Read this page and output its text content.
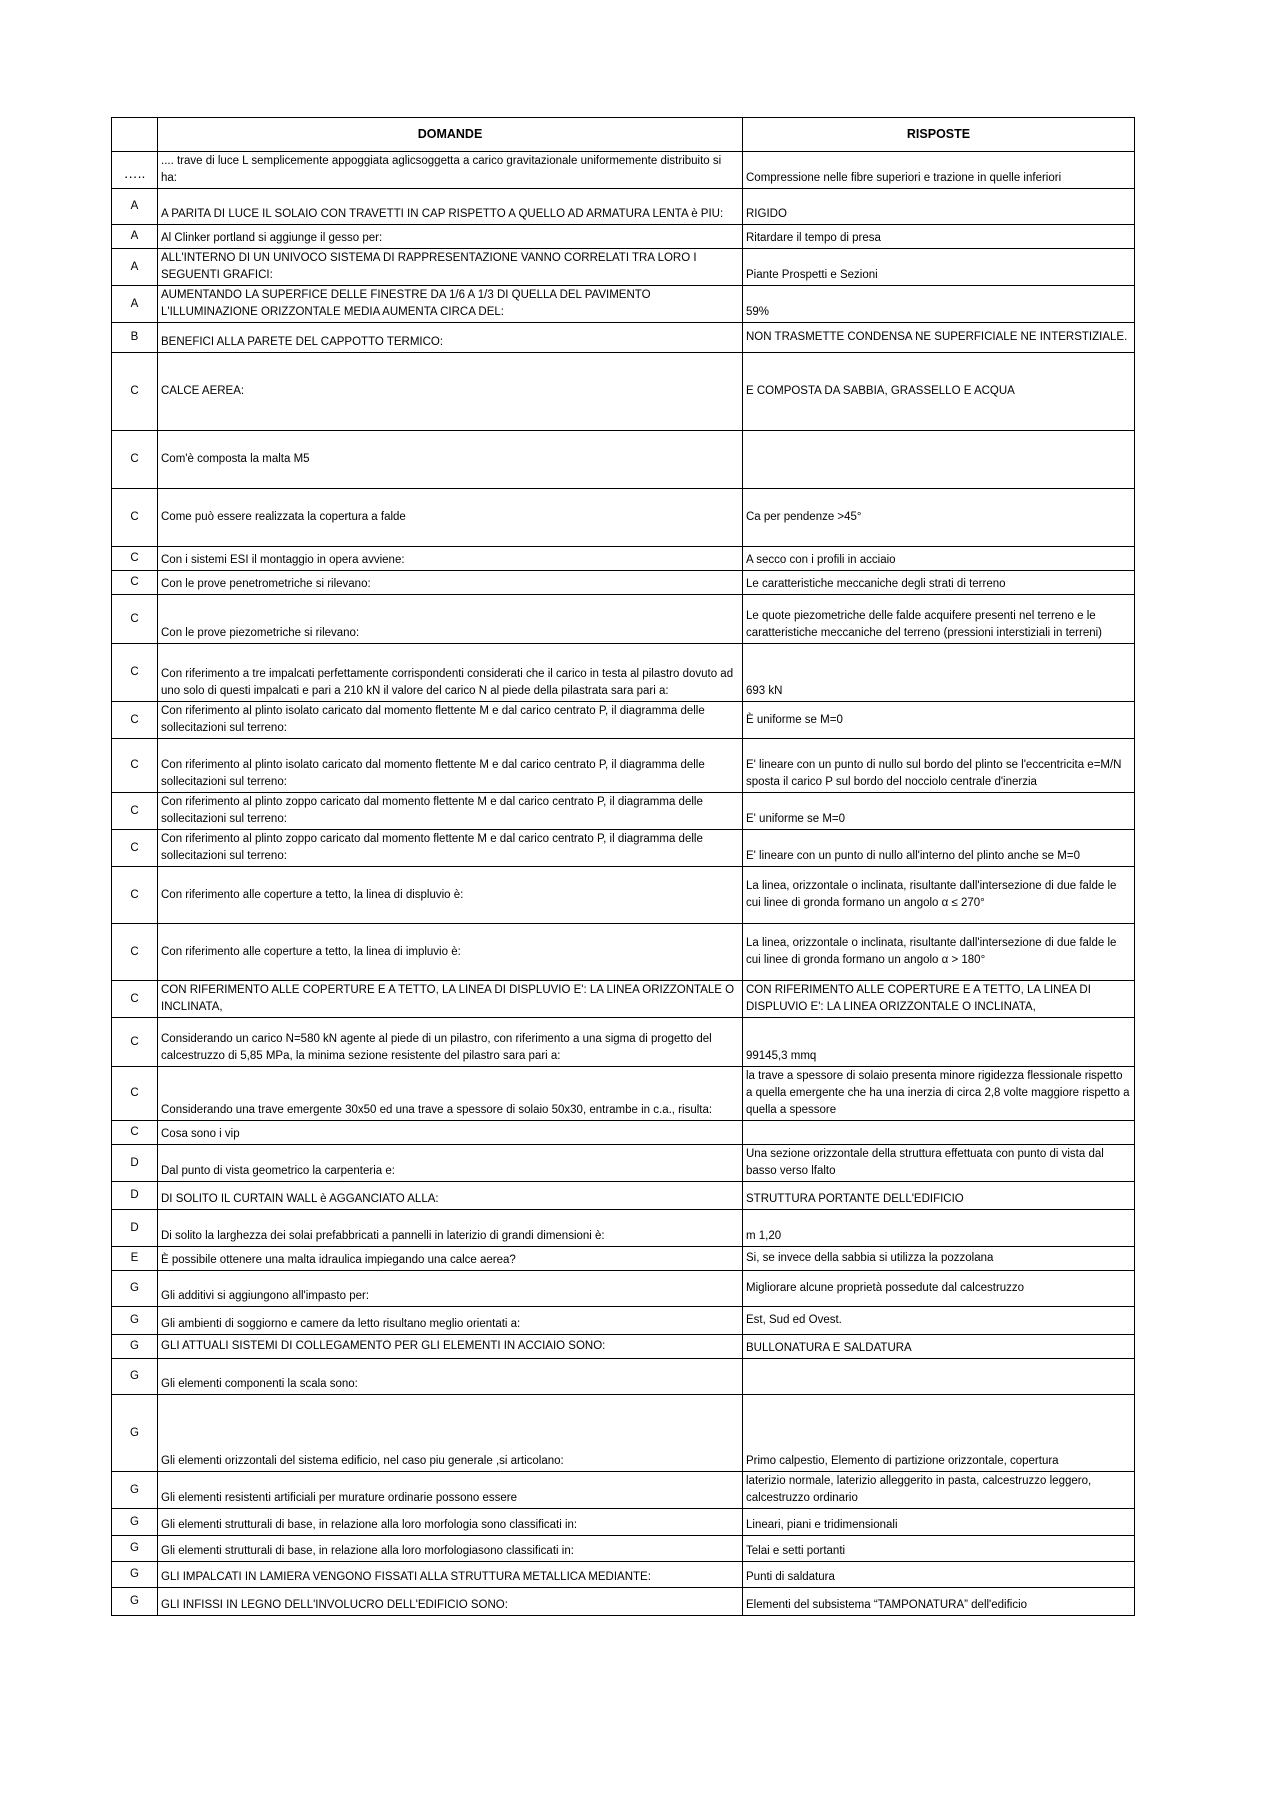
	DOMANDE	RISPOSTE
…..	.... trave di luce L semplicemente appoggiata aglicsoggetta a carico gravitazionale uniformemente distribuito si ha:	Compressione nelle fibre superiori e trazione in quelle inferiori
A	A PARITA DI LUCE IL SOLAIO CON TRAVETTI IN CAP RISPETTO A QUELLO AD ARMATURA LENTA è PIU:	RIGIDO
A	Al Clinker portland si aggiunge il gesso per:	Ritardare il tempo di presa
A	ALL'INTERNO DI UN UNIVOCO SISTEMA DI RAPPRESENTAZIONE VANNO CORRELATI TRA LORO I SEGUENTI GRAFICI:	Piante Prospetti e Sezioni
A	AUMENTANDO LA SUPERFICE DELLE FINESTRE DA 1/6 A 1/3 DI QUELLA DEL PAVIMENTO L'ILLUMINAZIONE ORIZZONTALE MEDIA AUMENTA CIRCA DEL:	59%
B	BENEFICI ALLA PARETE DEL CAPPOTTO TERMICO:	NON TRASMETTE CONDENSA NE SUPERFICIALE NE INTERSTIZIALE.
C	CALCE AEREA:	E COMPOSTA DA SABBIA, GRASSELLO E ACQUA
C	Com'è composta la malta M5	
C	Come può essere realizzata la copertura a falde	Ca per pendenze >45°
C	Con i sistemi ESI il montaggio in opera avviene:	A secco con i profili in acciaio
C	Con le prove penetrometriche si rilevano:	Le caratteristiche meccaniche degli strati di terreno
C	Con le prove piezometriche si rilevano:	Le quote piezometriche delle falde acquifere presenti nel terreno e le caratteristiche meccaniche del terreno (pressioni interstiziali in terreni)
C	Con riferimento a tre impalcati perfettamente corrispondenti considerati che il carico in testa al pilastro dovuto ad uno solo di questi impalcati e pari a 210 kN il valore del carico N al piede della pilastrata sara pari a:	693 kN
C	Con riferimento al plinto isolato caricato dal momento flettente M e dal carico centrato P, il diagramma delle sollecitazioni sul terreno:	È uniforme se M=0
C	Con riferimento al plinto isolato caricato dal momento flettente M e dal carico centrato P, il diagramma delle sollecitazioni sul terreno:	E' lineare con un punto di nullo sul bordo del plinto se l'eccentricita e=M/N sposta il carico P sul bordo del nocciolo centrale d'inerzia
C	Con riferimento al plinto zoppo caricato dal momento flettente M e dal carico centrato P, il diagramma delle sollecitazioni sul terreno:	E' uniforme se M=0
C	Con riferimento al plinto zoppo caricato dal momento flettente M e dal carico centrato P, il diagramma delle sollecitazioni sul terreno:	E' lineare con un punto di nullo all'interno del plinto anche se M=0
C	Con riferimento alle coperture a tetto, la linea di displuvio è:	La linea, orizzontale o inclinata, risultante dall'intersezione di due falde le cui linee di gronda formano un angolo α ≤ 270°
C	Con riferimento alle coperture a tetto, la linea di impluvio è:	La linea, orizzontale o inclinata, risultante dall'intersezione di due falde le cui linee di gronda formano un angolo α > 180°
C	CON RIFERIMENTO ALLE COPERTURE E A TETTO, LA LINEA DI DISPLUVIO E': LA LINEA ORIZZONTALE O INCLINATA,	CON RIFERIMENTO ALLE COPERTURE E A TETTO, LA LINEA DI DISPLUVIO E': LA LINEA ORIZZONTALE O INCLINATA,
C	Considerando un carico N=580 kN agente al piede di un pilastro, con riferimento a una sigma di progetto del calcestruzzo di 5,85 MPa, la minima sezione resistente del pilastro sara pari a:	99145,3 mmq
C	Considerando una trave emergente 30x50 ed una trave a spessore di solaio 50x30, entrambe in c.a., risulta:	la trave a spessore di solaio presenta minore rigidezza flessionale rispetto a quella emergente che ha una inerzia di circa 2,8 volte maggiore rispetto a quella a spessore
C	Cosa sono i vip	
D	Dal punto di vista geometrico la carpenteria e:	Una sezione orizzontale della struttura effettuata con punto di vista dal basso verso lfalto
D	DI SOLITO IL CURTAIN WALL è AGGANCIATO ALLA:	STRUTTURA PORTANTE DELL'EDIFICIO
D	Di solito la larghezza dei solai prefabbricati a pannelli in laterizio di grandi dimensioni è:	m 1,20
E	È possibile ottenere una malta idraulica impiegando una calce aerea?	Si, se invece della sabbia si utilizza la pozzolana
G	Gli additivi si aggiungono all'impasto per:	Migliorare alcune proprietà possedute dal calcestruzzo
G	Gli ambienti di soggiorno e camere da letto risultano meglio orientati a:	Est, Sud ed Ovest.
G	GLI ATTUALI SISTEMI DI COLLEGAMENTO PER GLI ELEMENTI IN ACCIAIO SONO:	BULLONATURA E SALDATURA
G	Gli elementi componenti la scala sono:	
G	Gli elementi orizzontali del sistema edificio, nel caso piu generale ,si articolano:	Primo calpestio, Elemento di partizione orizzontale, copertura
G	Gli elementi resistenti artificiali per murature ordinarie possono essere	laterizio normale, laterizio alleggerito in pasta, calcestruzzo leggero, calcestruzzo ordinario
G	Gli elementi strutturali di base, in relazione alla loro morfologia sono classificati in:	Lineari, piani e tridimensionali
G	Gli elementi strutturali di base, in relazione alla loro morfologiasono classificati in:	Telai e setti portanti
G	GLI IMPALCATI IN LAMIERA VENGONO FISSATI ALLA STRUTTURA METALLICA MEDIANTE:	Punti di saldatura
G	GLI INFISSI IN LEGNO DELL'INVOLUCRO DELL'EDIFICIO SONO:	Elementi del subsistema “TAMPONATURA” dell'edificio
